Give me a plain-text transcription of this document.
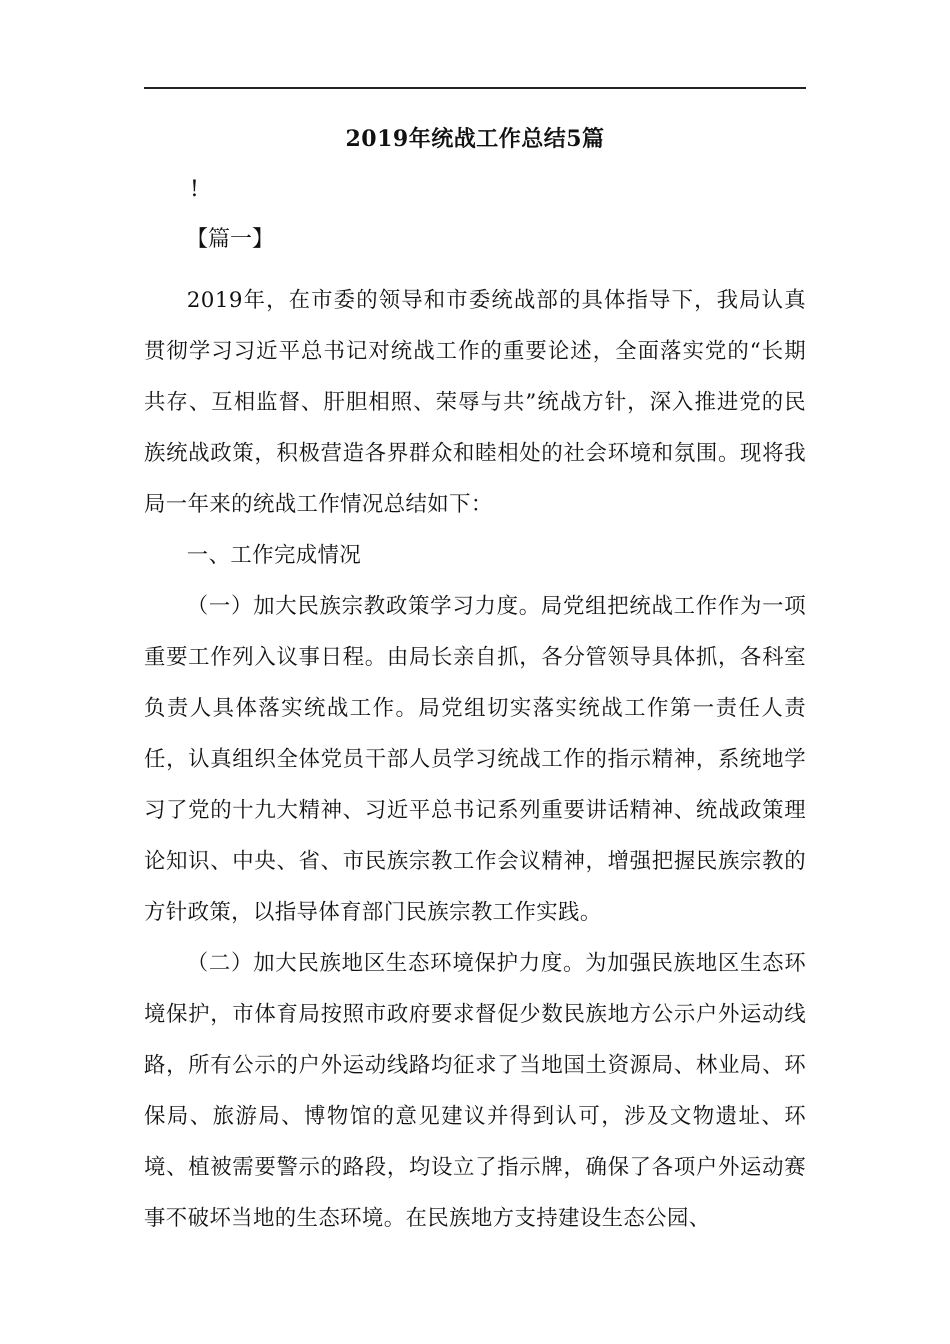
2019年统战工作总结5篇
!
【篇一】

2019年，在市委的领导和市委统战部的具体指导下，我局认真贯彻学习习近平总书记对统战工作的重要论述，全面落实党的“长期共存、互相监督、肝胆相照、荣辱与共”统战方针，深入推进党的民族统战政策，积极营造各界群众和睦相处的社会环境和氛围。现将我局一年来的统战工作情况总结如下：

一、工作完成情况

（一）加大民族宗教政策学习力度。局党组把统战工作作为一项重要工作列入议事日程。由局长亲自抓，各分管领导具体抓，各科室负责人具体落实统战工作。局党组切实落实统战工作第一责任人责任，认真组织全体党员干部人员学习统战工作的指示精神，系统地学习了党的十九大精神、习近平总书记系列重要讲话精神、统战政策理论知识、中央、省、市民族宗教工作会议精神，增强把握民族宗教的方针政策，以指导体育部门民族宗教工作实践。

（二）加大民族地区生态环境保护力度。为加强民族地区生态环境保护，市体育局按照市政府要求督促少数民族地方公示户外运动线路，所有公示的户外运动线路均征求了当地国土资源局、林业局、环保局、旅游局、博物馆的意见建议并得到认可，涉及文物遗址、环境、植被需要警示的路段，均设立了指示牌，确保了各项户外运动赛事不破坏当地的生态环境。在民族地方支持建设生态公园、
